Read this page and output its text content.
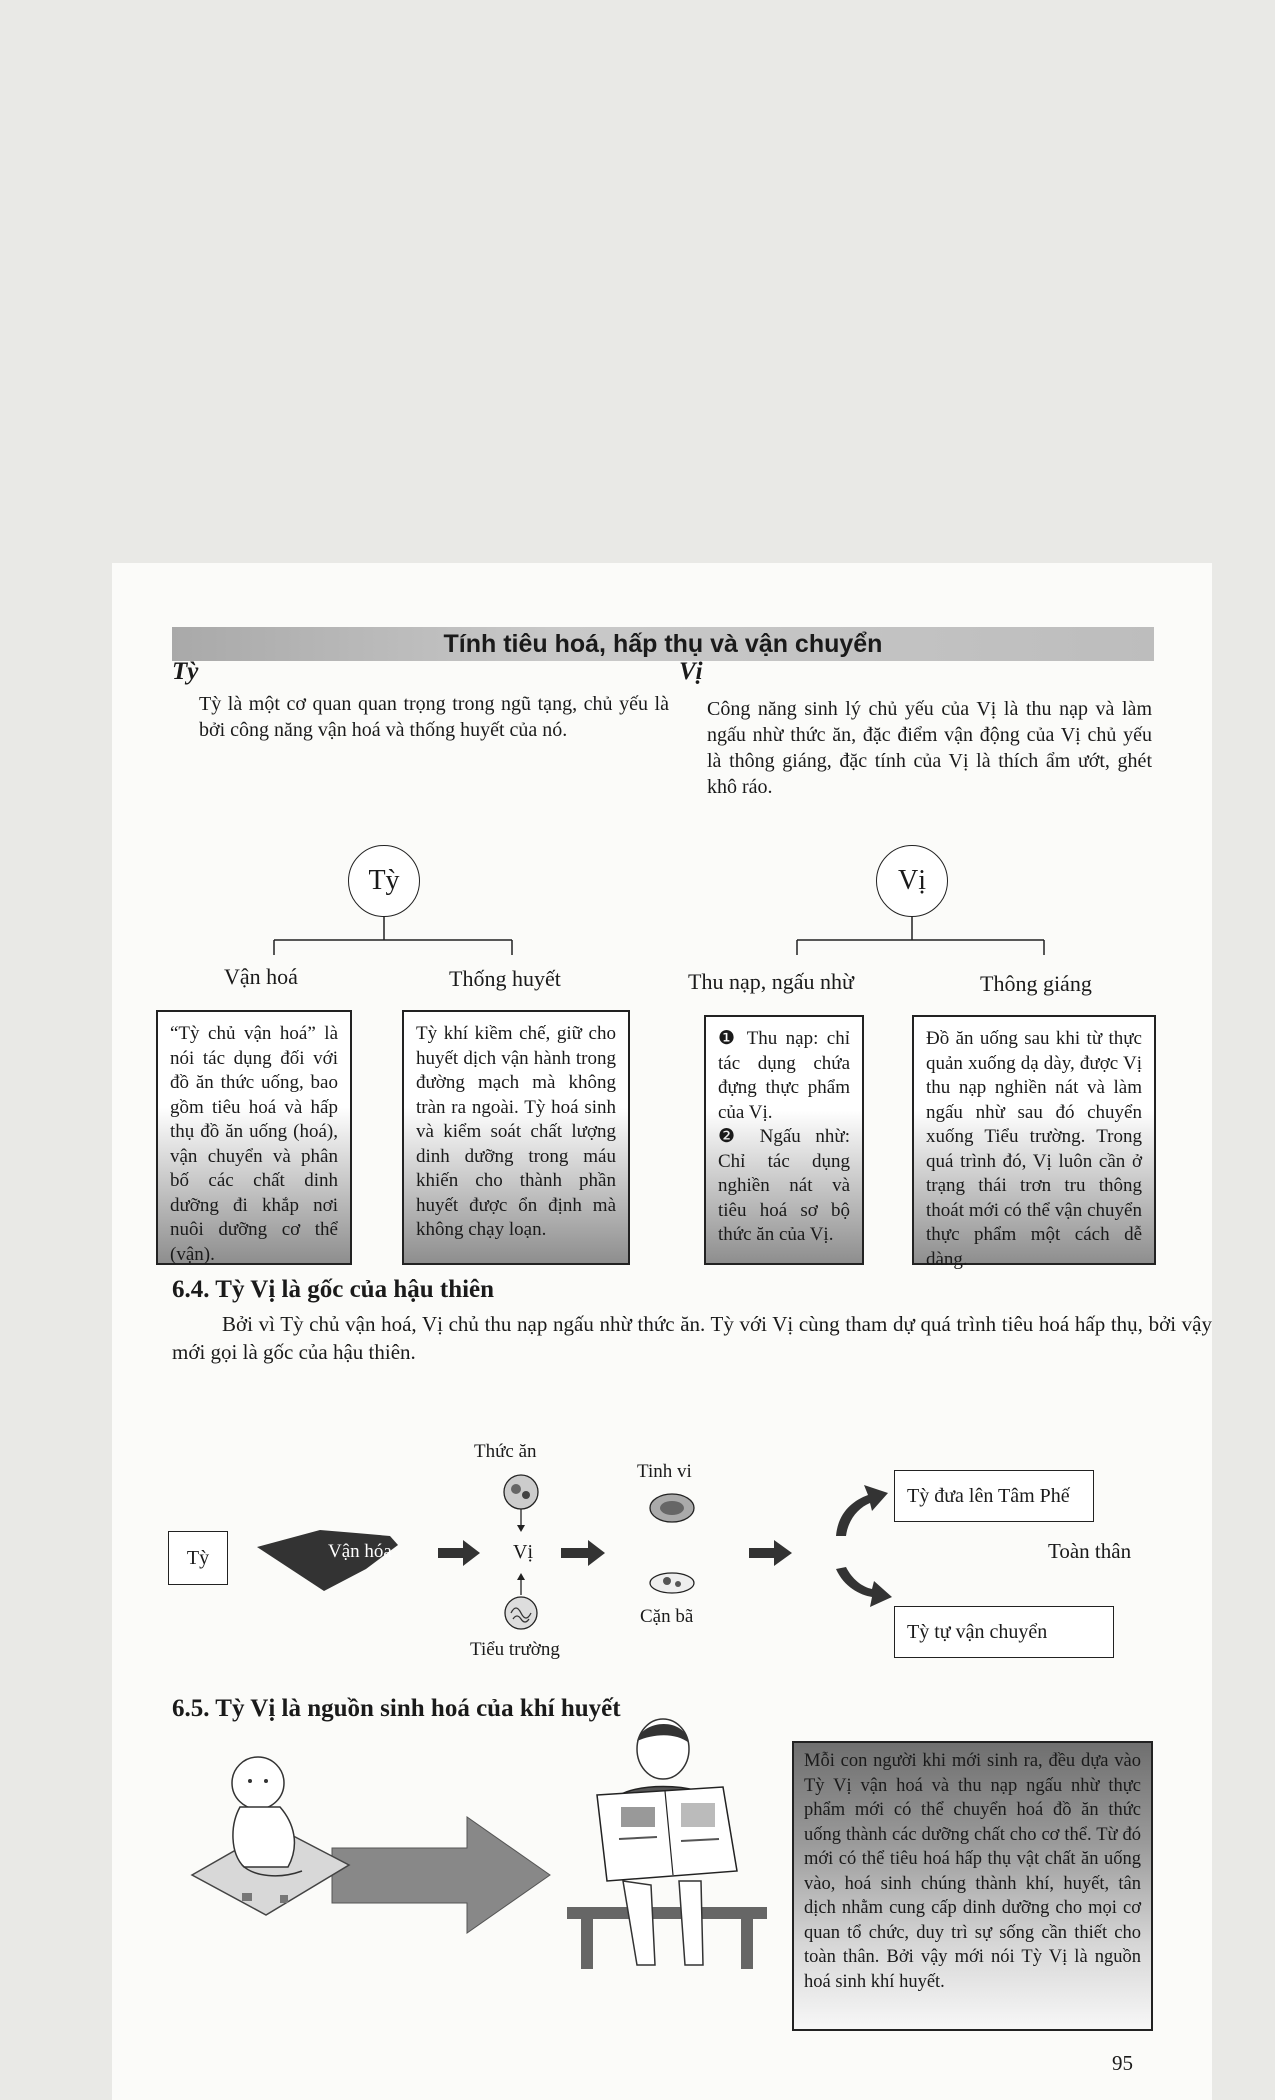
Tính tiêu hoá, hấp thụ và vận chuyển
Tỳ
Tỳ là một cơ quan quan trọng trong ngũ tạng, chủ yếu là bởi công năng vận hoá và thống huyết của nó.
Vị
Công năng sinh lý chủ yếu của Vị là thu nạp và làm ngấu nhừ thức ăn, đặc điểm vận động của Vị chủ yếu là thông giáng, đặc tính của Vị là thích ẩm ướt, ghét khô ráo.
Tỳ	Vị
Vận hoá	Thống huyết	Thu nạp, ngấu nhừ	Thông giáng
“Tỳ chủ vận hoá” là nói tác dụng đối với đồ ăn thức uống, bao gồm tiêu hoá và hấp thụ đồ ăn uống (hoá), vận chuyển và phân bố các chất dinh dưỡng đi khắp nơi nuôi dưỡng cơ thể (vận).
Tỳ khí kiềm chế, giữ cho huyết dịch vận hành trong đường mạch mà không tràn ra ngoài. Tỳ hoá sinh và kiểm soát chất lượng dinh dưỡng trong máu khiến cho thành phần huyết được ổn định mà không chạy loạn.
❶ Thu nạp: chỉ tác dụng chứa đựng thực phẩm của Vị.
❷ Ngấu nhừ: Chỉ tác dụng nghiền nát và tiêu hoá sơ bộ thức ăn của Vị.
Đồ ăn uống sau khi từ thực quản xuống dạ dày, được Vị thu nạp nghiền nát và làm ngấu nhừ sau đó chuyển xuống Tiểu trường. Trong quá trình đó, Vị luôn cần ở trạng thái trơn tru thông thoát mới có thể vận chuyển thực phẩm một cách dễ dàng.
6.4. Tỳ Vị là gốc của hậu thiên
Bởi vì Tỳ chủ vận hoá, Vị chủ thu nạp ngấu nhừ thức ăn. Tỳ với Vị cùng tham dự quá trình tiêu hoá hấp thụ, bởi vậy mới gọi là gốc của hậu thiên.
Tỳ	Vận hóa
Thức ăn
Vị
Tiểu trường
Tinh vi
Cặn bã
Tỳ đưa lên Tâm Phế
Tỳ tự vận chuyển
Toàn thân
6.5. Tỳ Vị là nguồn sinh hoá của khí huyết
Mỗi con người khi mới sinh ra, đều dựa vào Tỳ Vị vận hoá và thu nạp ngấu nhừ thực phẩm mới có thể chuyển hoá đồ ăn thức uống thành các dưỡng chất cho cơ thể. Từ đó mới có thể tiêu hoá hấp thụ vật chất ăn uống vào, hoá sinh chúng thành khí, huyết, tân dịch nhằm cung cấp dinh dưỡng cho mọi cơ quan tổ chức, duy trì sự sống cần thiết cho toàn thân. Bởi vậy mới nói Tỳ Vị là nguồn hoá sinh khí huyết.
95
